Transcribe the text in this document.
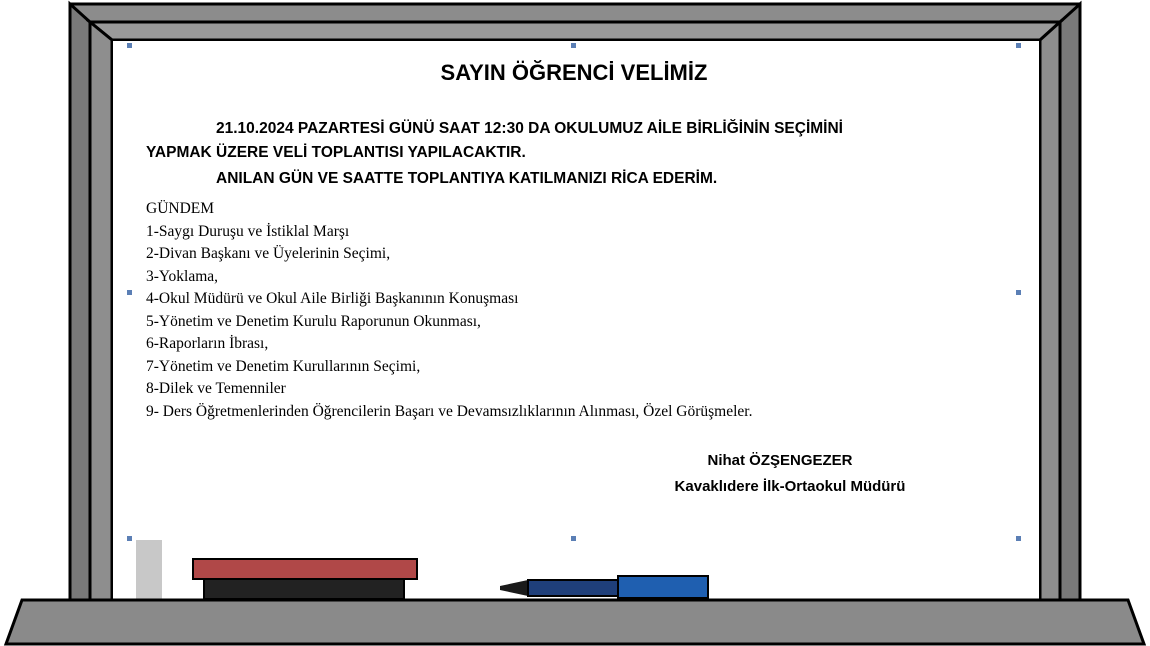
SAYIN ÖĞRENCİ VELİMİZ
21.10.2024 PAZARTESİ GÜNÜ SAAT 12:30 DA OKULUMUZ AİLE BİRLİĞİNİN SEÇİMİNİ
YAPMAK ÜZERE VELİ TOPLANTISI YAPILACAKTIR.
ANILAN GÜN VE SAATTE TOPLANTIYA KATILMANIZI RİCA EDERİM.
GÜNDEM
1-Saygı Duruşu ve İstiklal Marşı
2-Divan Başkanı ve Üyelerinin Seçimi,
3-Yoklama,
4-Okul Müdürü ve Okul Aile Birliği Başkanının Konuşması
5-Yönetim ve Denetim Kurulu Raporunun Okunması,
6-Raporların İbrası,
7-Yönetim ve Denetim Kurullarının Seçimi,
8-Dilek ve Temenniler
9- Ders Öğretmenlerinden Öğrencilerin Başarı ve Devamsızlıklarının Alınması, Özel Görüşmeler.
Nihat ÖZŞENGEZER
Kavaklıdere İlk-Ortaokul Müdürü
